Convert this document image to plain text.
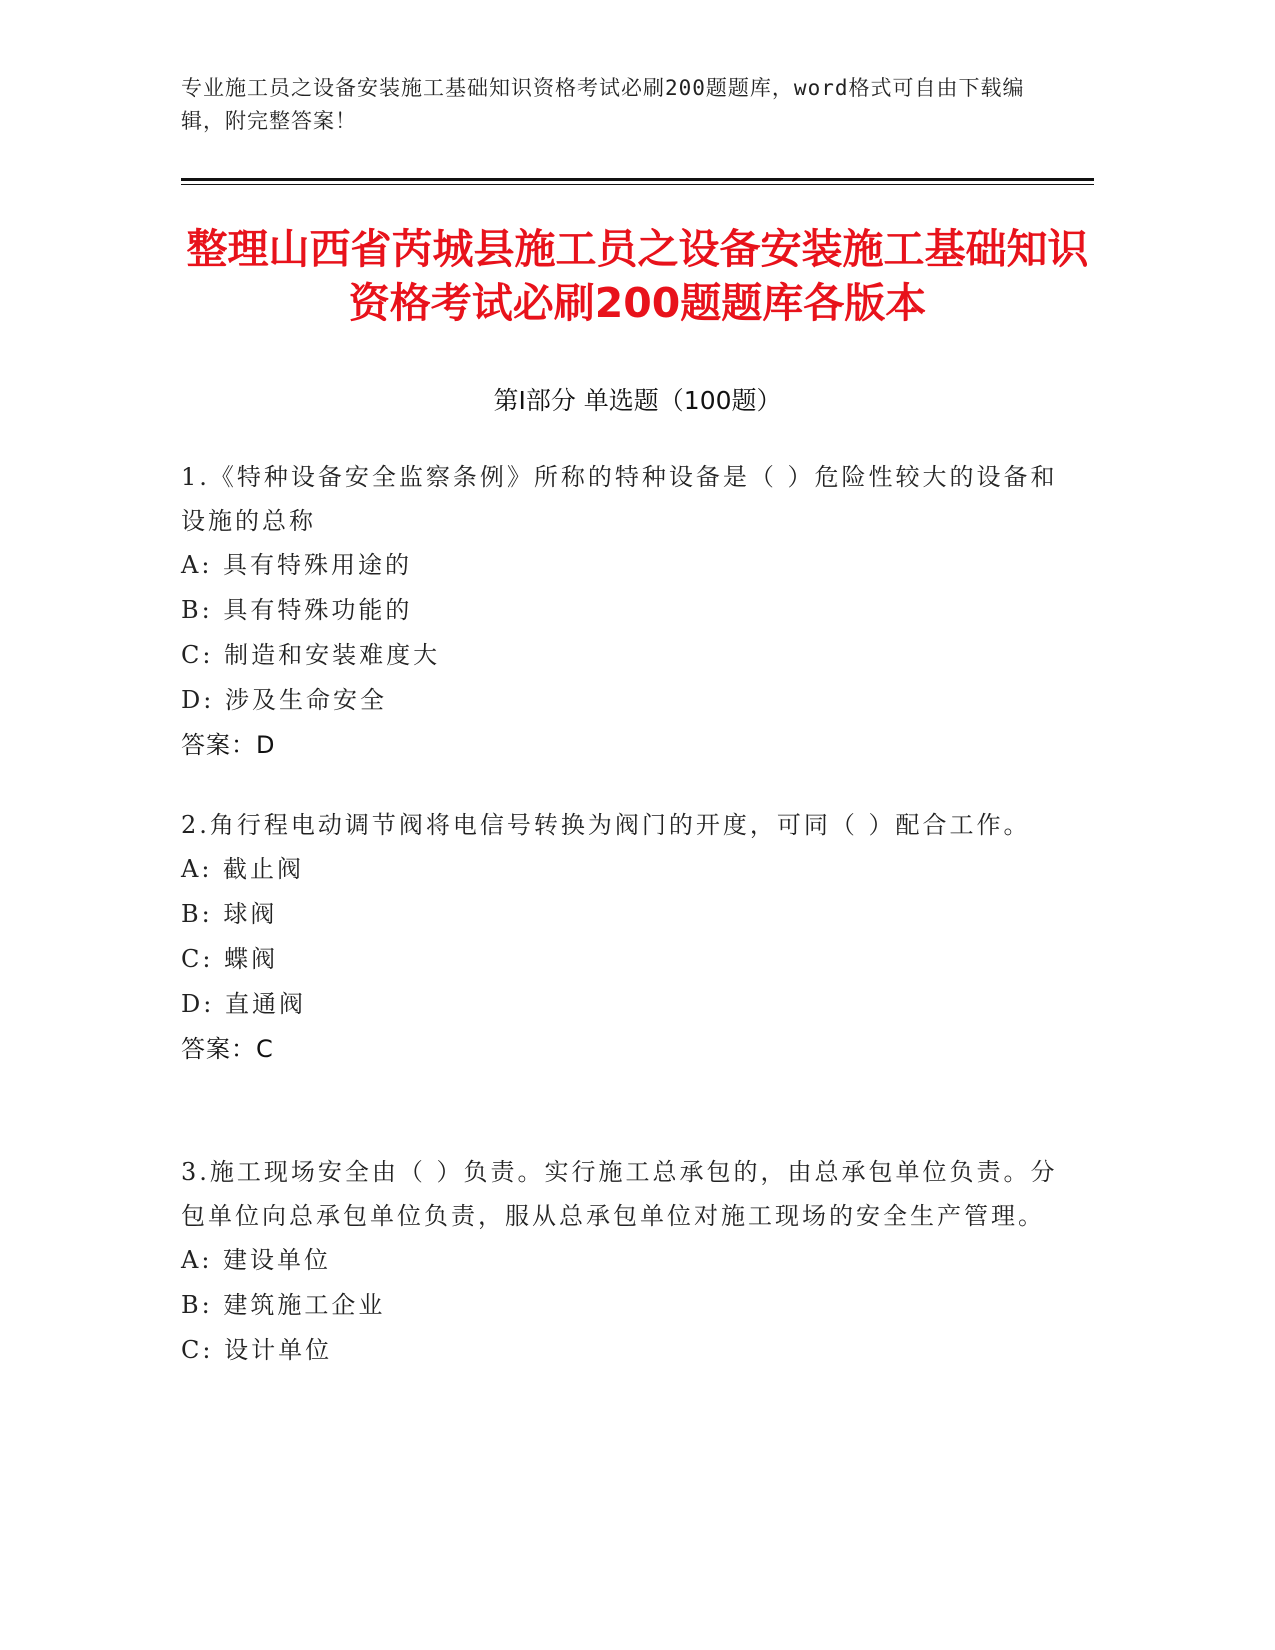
专业施工员之设备安装施工基础知识资格考试必刷200题题库，word格式可自由下载编辑，附完整答案！
整理山西省芮城县施工员之设备安装施工基础知识资格考试必刷200题题库各版本
第Ⅰ部分 单选题（100题）
1.《特种设备安全监察条例》所称的特种设备是（ ）危险性较大的设备和设施的总称
A: 具有特殊用途的
B: 具有特殊功能的
C: 制造和安装难度大
D: 涉及生命安全
答案：D
2.角行程电动调节阀将电信号转换为阀门的开度，可同（ ）配合工作。
A: 截止阀
B: 球阀
C: 蝶阀
D: 直通阀
答案：C
3.施工现场安全由（ ）负责。实行施工总承包的，由总承包单位负责。分包单位向总承包单位负责，服从总承包单位对施工现场的安全生产管理。
A: 建设单位
B: 建筑施工企业
C: 设计单位
